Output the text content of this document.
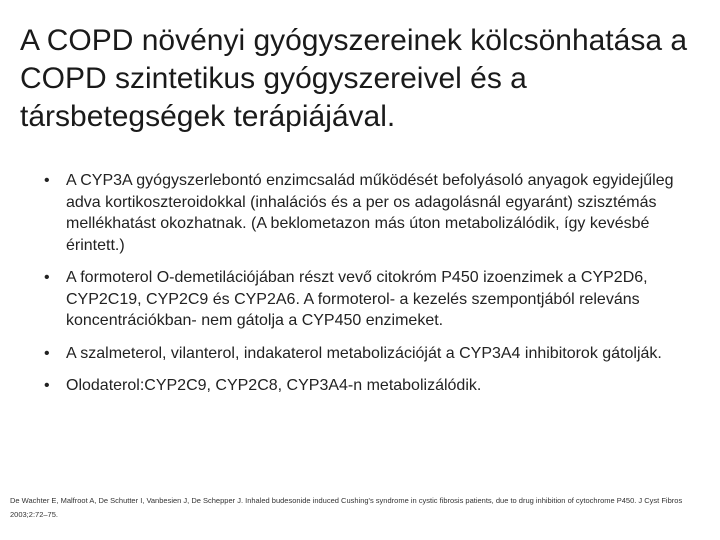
A COPD növényi gyógyszereinek kölcsönhatása a COPD szintetikus gyógyszereivel és a társbetegségek terápiájával.
• A CYP3A gyógyszerlebontó enzimcsalád működését befolyásoló anyagok egyidejűleg adva kortikoszteroidokkal (inhalációs és a per os adagolásnál egyaránt) szisztémás mellékhatást okozhatnak. (A beklometazon más úton metabolizálódik, így kevésbé érintett.)
• A formoterol O-demetilációjában részt vevő citokróm P450 izoenzimek a CYP2D6, CYP2C19, CYP2C9 és CYP2A6. A formoterol- a kezelés szempontjából releváns koncentrációkban- nem gátolja a CYP450 enzimeket.
• A szalmeterol, vilanterol, indakaterol metabolizációját a CYP3A4 inhibitorok gátolják.
• Olodaterol:CYP2C9, CYP2C8, CYP3A4-n metabolizálódik.

De Wachter E, Malfroot A, De Schutter I, Vanbesien J, De Schepper J. Inhaled budesonide induced Cushing's syndrome in cystic fibrosis patients, due to drug inhibition of cytochrome P450. J Cyst Fibros 2003;2:72–75.
